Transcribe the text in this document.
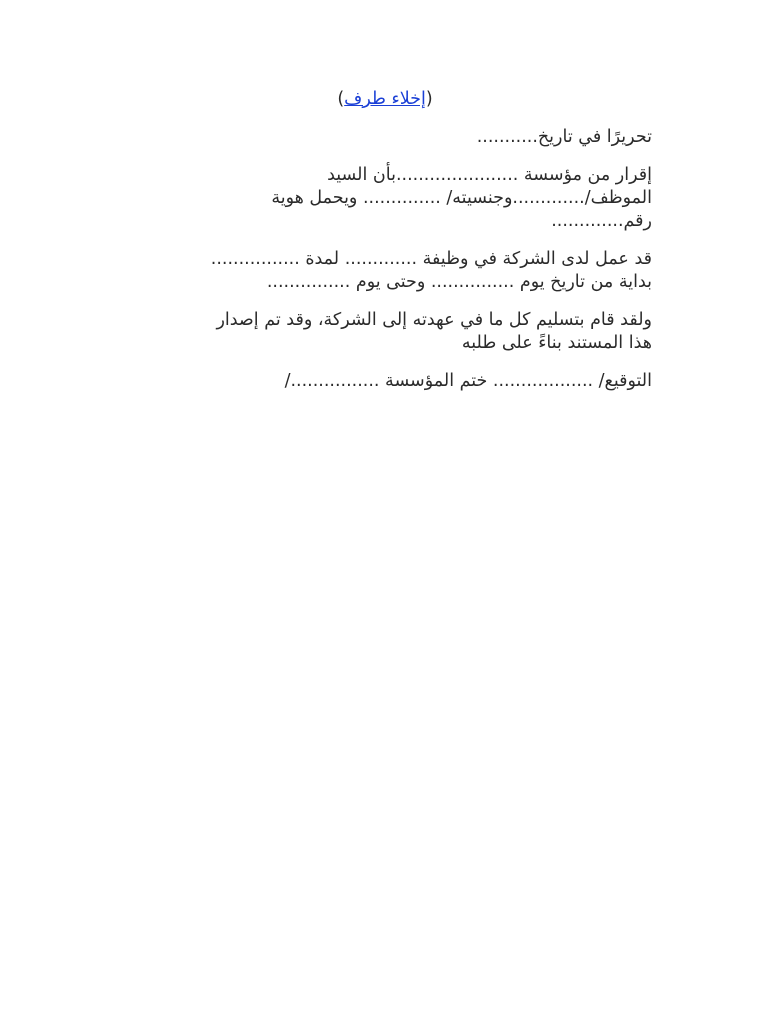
(إخلاء طرف)

تحريرًا في تاريخ...........

إقرار من مؤسسة ......................بأن السيد
الموظف/.............وجنسيته/ .............. ويحمل هوية
رقم.............

قد عمل لدى الشركة في وظيفة ............. لمدة ................
بداية من تاريخ يوم ............... وحتى يوم ...............

ولقد قام بتسليم كل ما في عهدته إلى الشركة، وقد تم إصدار
هذا المستند بناءً على طلبه

التوقيع/ .................. ختم المؤسسة ................/
